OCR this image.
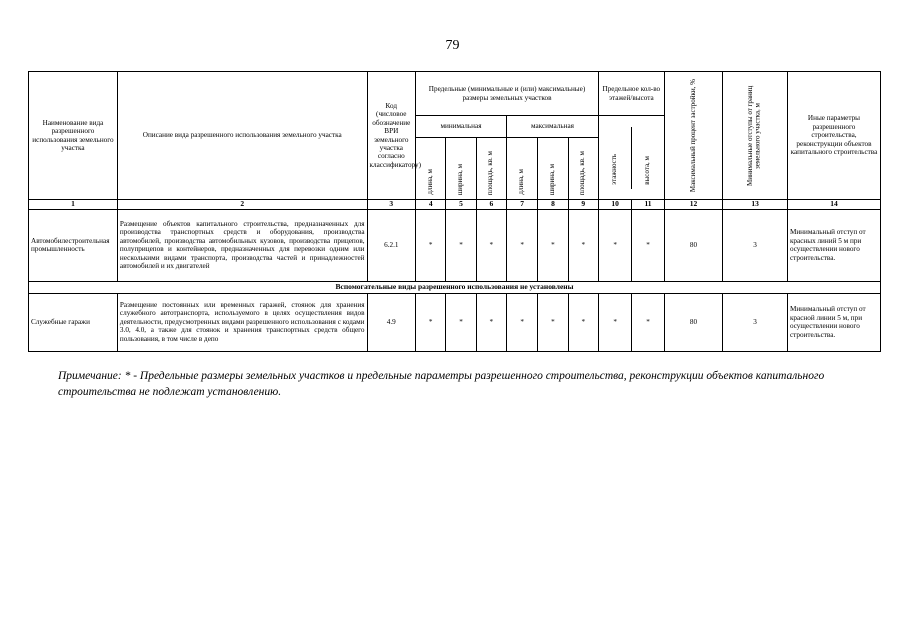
79
Наименование вида разрешенного использования земельного участка	Описание вида разрешенного использования земельного участка	Код (числовое обозначение ВРИ земельного участка согласно классификатору)	Предельные (минимальные и (или) максимальные) размеры земельных участков						Предельное кол-во этажей/высота		Максимальный процент застройки, %	Минимальные отступы от границ земельного участка, м	Иные параметры разрешенного строительства, реконструкции объектов капитального строительства
			минимальная			максимальная			этажность высота, м				

			длина, м	ширина, м	площадь, кв. м	длина, м	ширина, м	площадь, кв. м					

1	2	3	4	5	6	7	8	9	10	11	12	13	14
Автомобилестроительная промышленность	Размещение объектов капитального строительства, предназначенных для производства транспортных средств и оборудования, производства автомобилей, производства автомобильных кузовов, производства прицепов, полуприцепов и контейнеров, предназначенных для перевозки одним или несколькими видами транспорта, производства частей и принадлежностей автомобилей и их двигателей	6.2.1	*	*	*	*	*	*	*	*	80	3	Минимальный отступ от красных линий 5 м при осуществлении нового строительства.
Вспомогательные виды разрешенного использования не установлены													
Служебные гаражи	Размещение постоянных или временных гаражей, стоянок для хранения служебного автотранспорта, используемого в целях осуществления видов деятельности, предусмотренных видами разрешенного использования с кодами 3.0, 4.0, а также для стоянок и хранения транспортных средств общего пользования, в том числе в депо	4.9	*	*	*	*	*	*	*	*	80	3	Минимальный отступ от красной линии 5 м, при осуществлении нового строительства.
Примечание: * - Предельные размеры земельных участков и предельные параметры разрешенного строительства, реконструкции объектов капитального строительства не подлежат установлению.
